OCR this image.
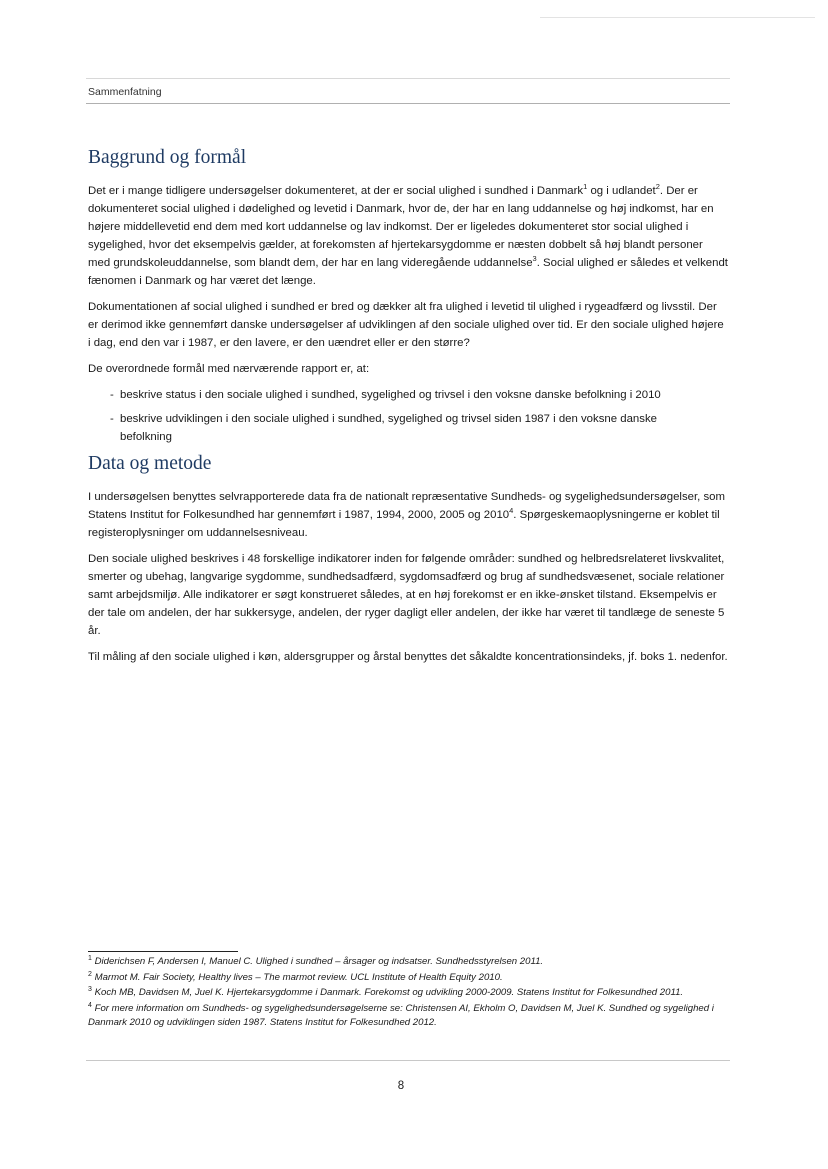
Sammenfatning
Baggrund og formål

Det er i mange tidligere undersøgelser dokumenteret, at der er social ulighed i sundhed i Danmark$^1$ og i udlandet$^2$. Der er dokumenteret social ulighed i dødelighed og levetid i Danmark, hvor de, der har en lang uddannelse og høj indkomst, har en højere middellevetid end dem med kort uddannelse og lav indkomst. Der er ligeledes dokumenteret stor social ulighed i sygelighed, hvor det eksempelvis gælder, at forekomsten af hjertekarsygdomme er næsten dobbelt så høj blandt personer med grundskoleuddannelse, som blandt dem, der har en lang videregående uddannelse$^3$. Social ulighed er således et velkendt fænomen i Danmark og har været det længe.

Dokumentationen af social ulighed i sundhed er bred og dækker alt fra ulighed i levetid til ulighed i rygeadfærd og livsstil. Der er derimod ikke gennemført danske undersøgelser af udviklingen af den sociale ulighed over tid. Er den sociale ulighed højere i dag, end den var i 1987, er den lavere, er den uændret eller er den større?

De overordnede formål med nærværende rapport er, at:

- beskrive status i den sociale ulighed i sundhed, sygelighed og trivsel i den voksne danske befolkning i 2010
- beskrive udviklingen i den sociale ulighed i sundhed, sygelighed og trivsel siden 1987 i den voksne danske befolkning
Data og metode

I undersøgelsen benyttes selvrapporterede data fra de nationalt repræsentative Sundheds- og sygelighedsundersøgelser, som Statens Institut for Folkesundhed har gennemført i 1987, 1994, 2000, 2005 og 2010$^4$. Spørgeskemaoplysningerne er koblet til registeroplysninger om uddannelsesniveau.

Den sociale ulighed beskrives i 48 forskellige indikatorer inden for følgende områder: sundhed og helbredsrelateret livskvalitet, smerter og ubehag, langvarige sygdomme, sundhedsadfærd, sygdomsadfærd og brug af sundhedsvæsenet, sociale relationer samt arbejdsmiljø. Alle indikatorer er søgt konstrueret således, at en høj forekomst er en ikke-ønsket tilstand. Eksempelvis er der tale om andelen, der har sukkersyge, andelen, der ryger dagligt eller andelen, der ikke har været til tandlæge de seneste 5 år.

Til måling af den sociale ulighed i køn, aldersgrupper og årstal benyttes det såkaldte koncentrationsindeks, jf. boks 1. nedenfor.

$^1$ Diderichsen F, Andersen I, Manuel C. Ulighed i sundhed – årsager og indsatser. Sundhedsstyrelsen 2011.
$^2$ Marmot M. Fair Society, Healthy lives – The marmot review. UCL Institute of Health Equity 2010.
$^3$ Koch MB, Davidsen M, Juel K. Hjertekarsygdomme i Danmark. Forekomst og udvikling 2000-2009. Statens Institut for Folkesundhed 2011.
$^4$ For mere information om Sundheds- og sygelighedsundersøgelserne se: Christensen AI, Ekholm O, Davidsen M, Juel K. Sundhed og sygelighed i Danmark 2010 og udviklingen siden 1987. Statens Institut for Folkesundhed 2012.
8
